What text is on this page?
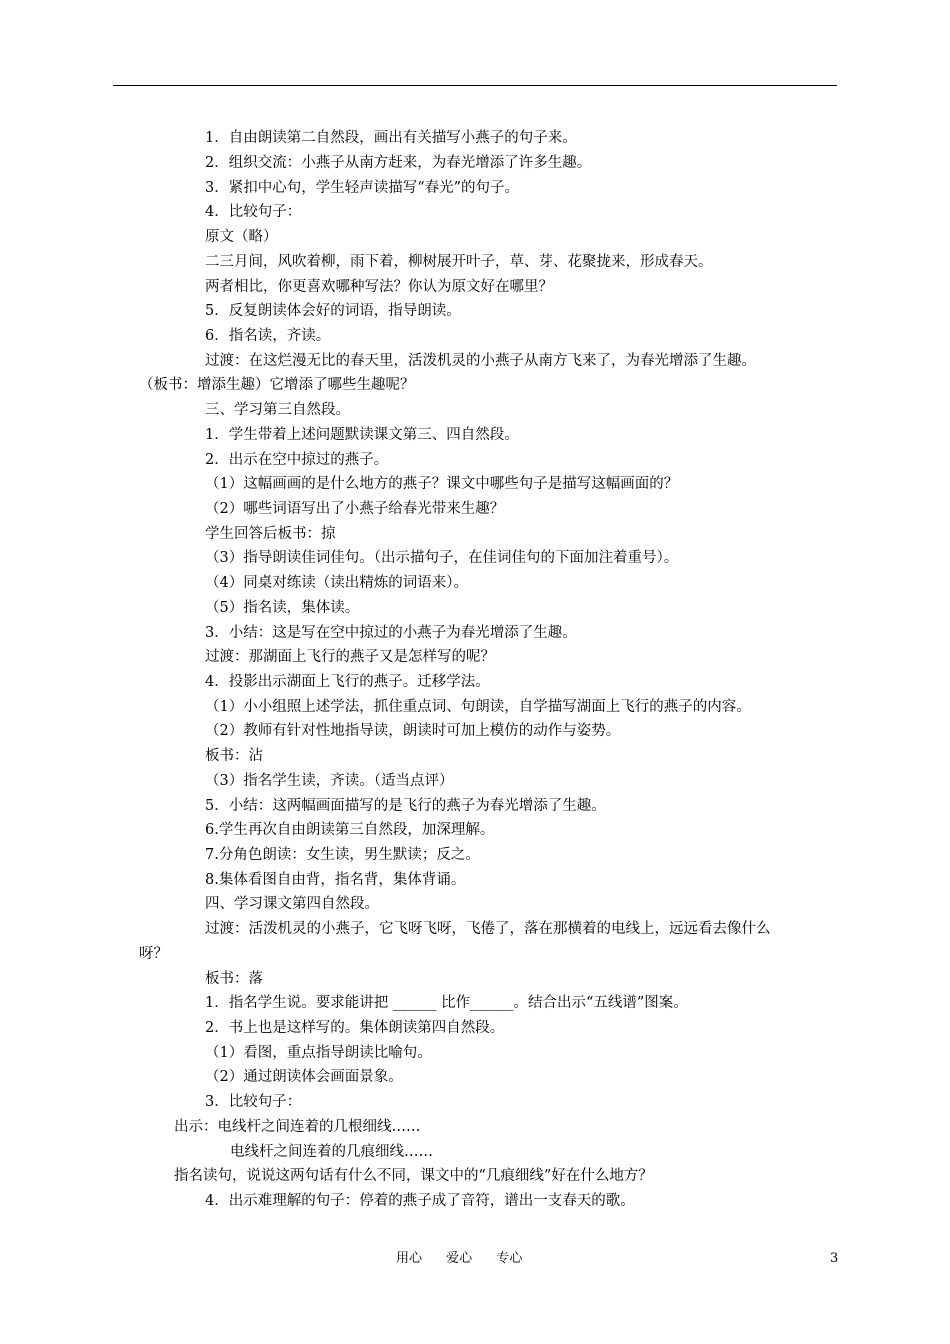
1．自由朗读第二自然段，画出有关描写小燕子的句子来。
2．组织交流：小燕子从南方赶来，为春光增添了许多生趣。
3．紧扣中心句，学生轻声读描写“春光”的句子。
4．比较句子：
原文（略）
二三月间，风吹着柳，雨下着，柳树展开叶子，草、芽、花聚拢来，形成春天。
两者相比，你更喜欢哪种写法？你认为原文好在哪里？
5．反复朗读体会好的词语，指导朗读。
6．指名读，齐读。
过渡：在这烂漫无比的春天里，活泼机灵的小燕子从南方飞来了，为春光增添了生趣。
（板书：增添生趣）它增添了哪些生趣呢？
三、学习第三自然段。
1．学生带着上述问题默读课文第三、四自然段。
2．出示在空中掠过的燕子。
（1）这幅画画的是什么地方的燕子？课文中哪些句子是描写这幅画面的？
（2）哪些词语写出了小燕子给春光带来生趣？
学生回答后板书：掠
（3）指导朗读佳词佳句。（出示描句子，在佳词佳句的下面加注着重号）。
（4）同桌对练读（读出精炼的词语来）。
（5）指名读，集体读。
3．小结：这是写在空中掠过的小燕子为春光增添了生趣。
过渡：那湖面上飞行的燕子又是怎样写的呢？
4．投影出示湖面上飞行的燕子。迁移学法。
（1）小小组照上述学法，抓住重点词、句朗读，自学描写湖面上飞行的燕子的内容。
（2）教师有针对性地指导读，朗读时可加上模仿的动作与姿势。
板书：沾
（3）指名学生读，齐读。（适当点评）
5．小结：这两幅画面描写的是飞行的燕子为春光增添了生趣。
6.学生再次自由朗读第三自然段，加深理解。
7.分角色朗读：女生读，男生默读；反之。
8.集体看图自由背，指名背，集体背诵。
四、学习课文第四自然段。
过渡：活泼机灵的小燕子，它飞呀飞呀，飞倦了，落在那横着的电线上，远远看去像什么
呀？
板书：落
1．指名学生说。要求能讲把 ______ 比作______。结合出示“五线谱”图案。
2．书上也是这样写的。集体朗读第四自然段。
（1）看图，重点指导朗读比喻句。
（2）通过朗读体会画面景象。
3．比较句子：
出示：电线杆之间连着的几根细线……
电线杆之间连着的几痕细线……
指名读句，说说这两句话有什么不同，课文中的“几痕细线”好在什么地方？
4．出示难理解的句子：停着的燕子成了音符，谱出一支春天的歌。
用心 爱心 专心	3
